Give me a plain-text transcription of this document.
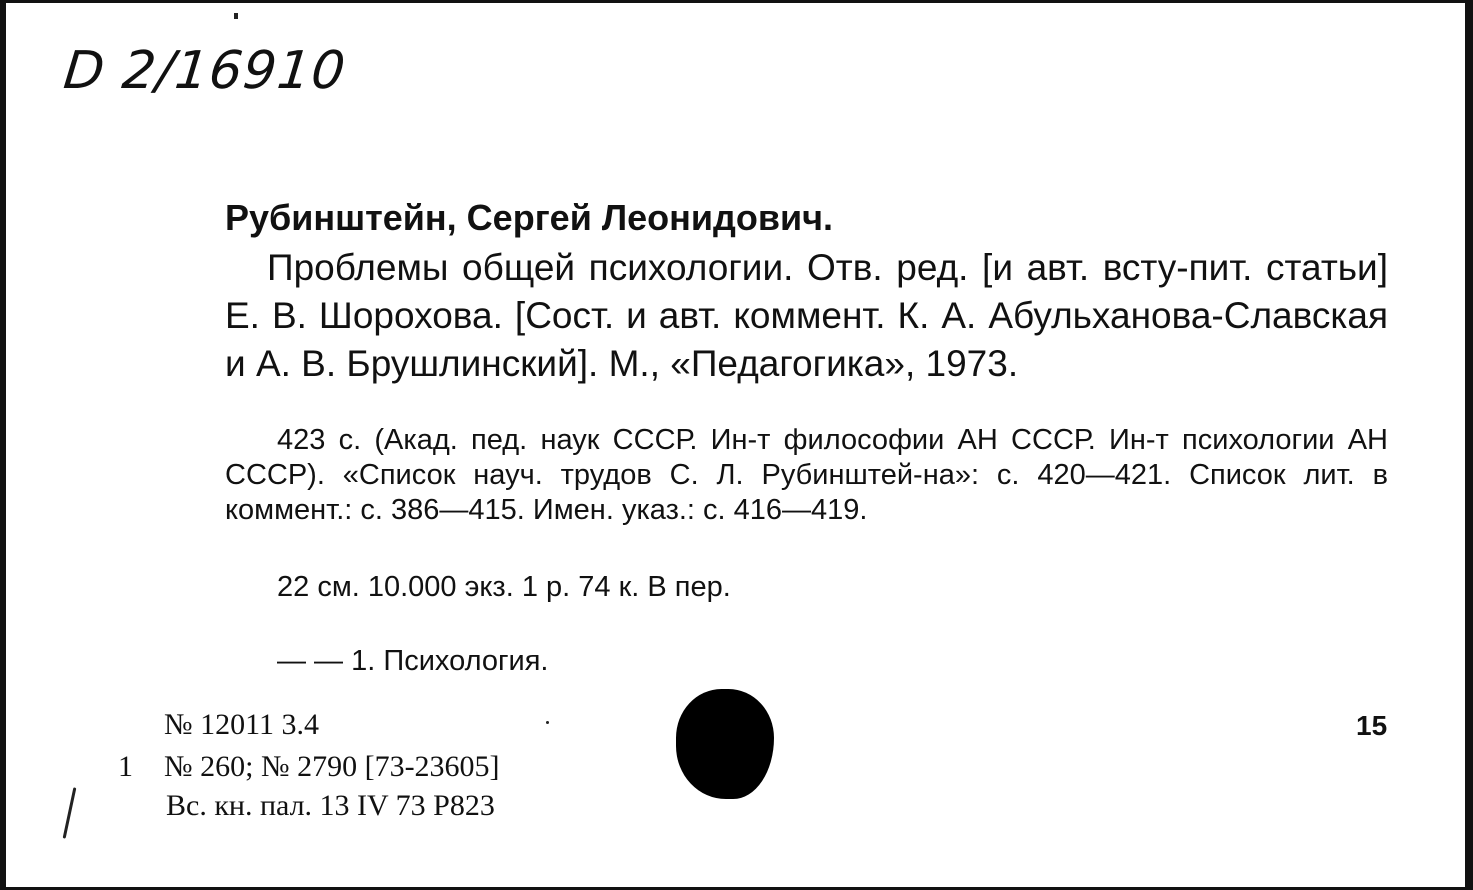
D 2/16910
Рубинштейн, Сергей Леонидович.
Проблемы общей психологии. Отв. ред. [и авт. всту-пит. статьи] Е. В. Шорохова. [Сост. и авт. коммент. К. А. Абульханова-Славская и А. В. Брушлинский]. М., «Педагогика», 1973.
423 с. (Акад. пед. наук СССР. Ин-т философии АН СССР. Ин-т психологии АН СССР). «Список науч. трудов С. Л. Рубинштей-на»: с. 420—421. Список лит. в коммент.: с. 386—415. Имен. указ.: с. 416—419.
22 см. 10.000 экз. 1 р. 74 к. В пер.
— — 1. Психология.
№ 12011 3.4
1 № 260; № 2790 [73-23605]
Вс. кн. пал. 13 IV 73 Р823
15
